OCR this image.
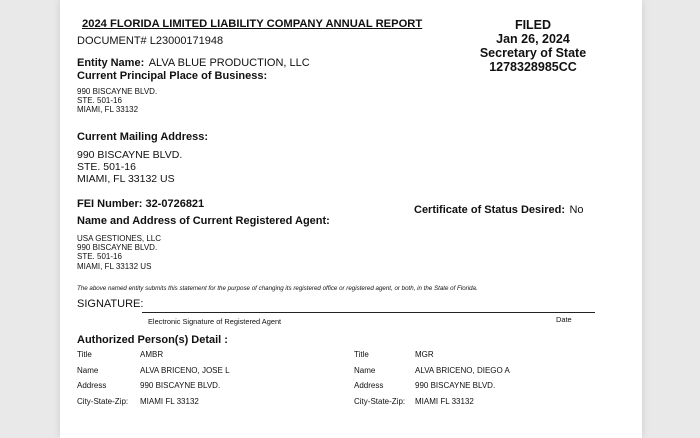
2024 FLORIDA LIMITED LIABILITY COMPANY ANNUAL REPORT
DOCUMENT# L23000171948
Entity Name: ALVA BLUE PRODUCTION, LLC
Current Principal Place of Business:
990 BISCAYNE BLVD.
STE. 501-16
MIAMI, FL 33132
FILED
Jan 26, 2024
Secretary of State
1278328985CC
Current Mailing Address:
990 BISCAYNE BLVD.
STE. 501-16
MIAMI, FL 33132 US
FEI Number: 32-0726821	Certificate of Status Desired: No
Name and Address of Current Registered Agent:
USA GESTIONES, LLC
990 BISCAYNE BLVD.
STE. 501-16
MIAMI, FL 33132 US
The above named entity submits this statement for the purpose of changing its registered office or registered agent, or both, in the State of Florida.
SIGNATURE:
Electronic Signature of Registered Agent	Date
Authorized Person(s) Detail :
Title	AMBR
Name	ALVA BRICENO, JOSE L
Address	990 BISCAYNE BLVD.
City-State-Zip: MIAMI FL 33132
Title	MGR
Name	ALVA BRICENO, DIEGO A
Address	990 BISCAYNE BLVD.
City-State-Zip: MIAMI FL 33132
